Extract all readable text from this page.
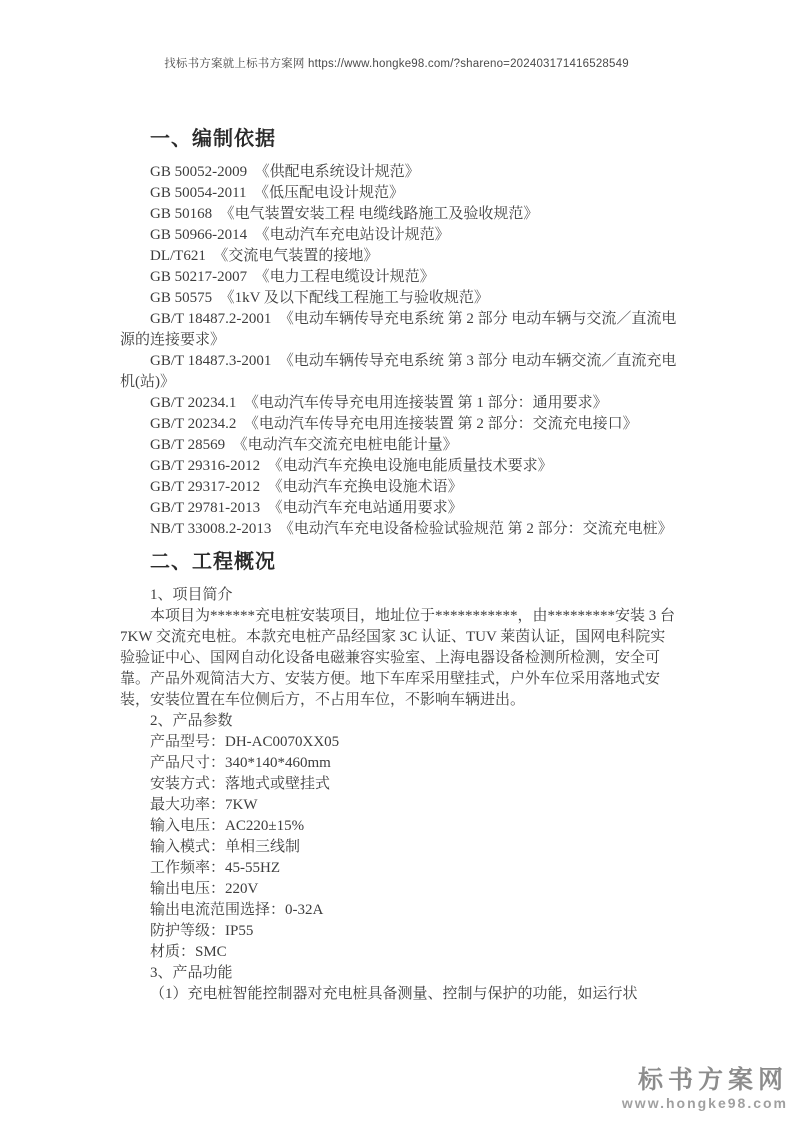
找标书方案就上标书方案网 https://www.hongke98.com/?shareno=202403171416528549
一、编制依据

GB 50052-2009  《供配电系统设计规范》

GB 50054-2011  《低压配电设计规范》

GB 50168  《电气装置安装工程 电缆线路施工及验收规范》

GB 50966-2014  《电动汽车充电站设计规范》

DL/T621  《交流电气装置的接地》

GB 50217-2007  《电力工程电缆设计规范》

GB 50575  《1kV 及以下配线工程施工与验收规范》

GB/T 18487.2-2001  《电动车辆传导充电系统 第 2 部分 电动车辆与交流／直流电源的连接要求》

GB/T 18487.3-2001  《电动车辆传导充电系统 第 3 部分 电动车辆交流／直流充电机(站)》

GB/T 20234.1  《电动汽车传导充电用连接装置 第 1 部分：通用要求》

GB/T 20234.2  《电动汽车传导充电用连接装置 第 2 部分：交流充电接口》

GB/T 28569  《电动汽车交流充电桩电能计量》

GB/T 29316-2012  《电动汽车充换电设施电能质量技术要求》

GB/T 29317-2012  《电动汽车充换电设施术语》

GB/T 29781-2013  《电动汽车充电站通用要求》

NB/T 33008.2-2013  《电动汽车充电设备检验试验规范 第 2 部分：交流充电桩》

二、工程概况

1、项目简介

本项目为******充电桩安装项目，地址位于***********，由*********安装 3 台 7KW 交流充电桩。本款充电桩产品经国家 3C 认证、TUV 莱茵认证，国网电科院实验验证中心、国网自动化设备电磁兼容实验室、上海电器设备检测所检测，安全可靠。产品外观简洁大方、安装方便。地下车库采用壁挂式，户外车位采用落地式安装，安装位置在车位侧后方，不占用车位，不影响车辆进出。

2、产品参数

产品型号：DH-AC0070XX05

产品尺寸：340*140*460mm

安装方式：落地式或壁挂式

最大功率：7KW

输入电压：AC220±15%

输入模式：单相三线制

工作频率：45-55HZ

输出电压：220V

输出电流范围选择：0-32A

防护等级：IP55

材质：SMC

3、产品功能

（1）充电桩智能控制器对充电桩具备测量、控制与保护的功能，如运行状

标书方案网
www.hongke98.com
